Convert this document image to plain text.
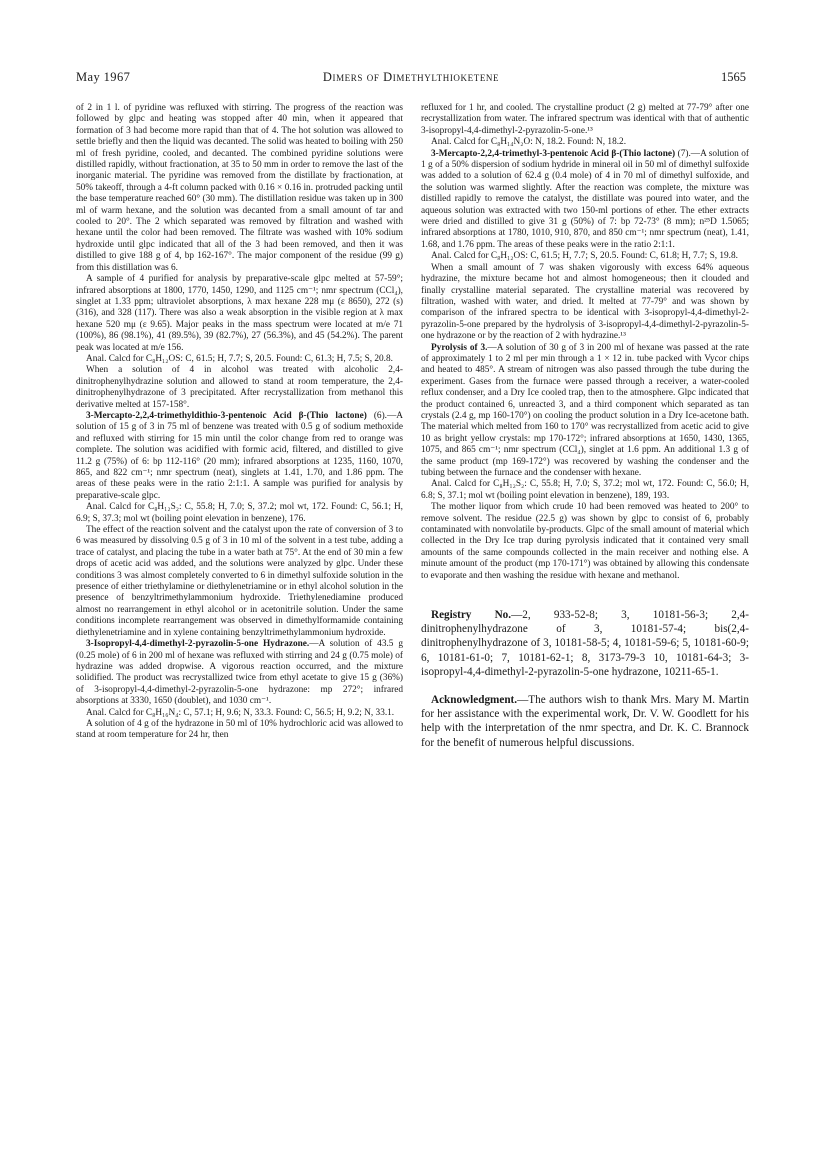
May 1967	Dimers of Dimethylthioketene	1565

of 2 in 1 l. of pyridine was refluxed with stirring. The progress of the reaction was followed by glpc and heating was stopped after 40 min, when it appeared that formation of 3 had become more rapid than that of 4. The hot solution was allowed to settle briefly and then the liquid was decanted. The solid was heated to boiling with 250 ml of fresh pyridine, cooled, and decanted. The combined pyridine solutions were distilled rapidly, without fractionation, at 35 to 50 mm in order to remove the last of the inorganic material. The pyridine was removed from the distillate by fractionation, at 50% takeoff, through a 4-ft column packed with 0.16 × 0.16 in. protruded packing until the base temperature reached 60° (30 mm). The distillation residue was taken up in 300 ml of warm hexane, and the solution was decanted from a small amount of tar and cooled to 20°. The 2 which separated was removed by filtration and washed with hexane until the color had been removed. The filtrate was washed with 10% sodium hydroxide until glpc indicated that all of the 3 had been removed, and then it was distilled to give 188 g of 4, bp 162-167°. The major component of the residue (99 g) from this distillation was 6.

A sample of 4 purified for analysis by preparative-scale glpc melted at 57-59°; infrared absorptions at 1800, 1770, 1450, 1290, and 1125 cm⁻¹; nmr spectrum (CCl₄), singlet at 1.33 ppm; ultraviolet absorptions, λ max hexane 228 mμ (ε 8650), 272 (s) (316), and 328 (117). There was also a weak absorption in the visible region at λ max hexane 520 mμ (ε 9.65). Major peaks in the mass spectrum were located at m/e 71 (100%), 86 (98.1%), 41 (89.5%), 39 (82.7%), 27 (56.3%), and 45 (54.2%). The parent peak was located at m/e 156.

Anal. Calcd for C₈H₁₂OS: C, 61.5; H, 7.7; S, 20.5. Found: C, 61.3; H, 7.5; S, 20.8.

When a solution of 4 in alcohol was treated with alcoholic 2,4-dinitrophenylhydrazine solution and allowed to stand at room temperature, the 2,4-dinitrophenylhydrazone of 3 precipitated. After recrystallization from methanol this derivative melted at 157-158°.

3-Mercapto-2,2,4-trimethyldithio-3-pentenoic Acid β-(Thio lactone) (6).—A solution of 15 g of 3 in 75 ml of benzene was treated with 0.5 g of sodium methoxide and refluxed with stirring for 15 min until the color change from red to orange was complete. The solution was acidified with formic acid, filtered, and distilled to give 11.2 g (75%) of 6: bp 112-116° (20 mm); infrared absorptions at 1235, 1160, 1070, 865, and 822 cm⁻¹; nmr spectrum (neat), singlets at 1.41, 1.70, and 1.86 ppm. The areas of these peaks were in the ratio 2:1:1. A sample was purified for analysis by preparative-scale glpc.

Anal. Calcd for C₈H₁₂S₂: C, 55.8; H, 7.0; S, 37.2; mol wt, 172. Found: C, 56.1; H, 6.9; S, 37.3; mol wt (boiling point elevation in benzene), 176.

The effect of the reaction solvent and the catalyst upon the rate of conversion of 3 to 6 was measured by dissolving 0.5 g of 3 in 10 ml of the solvent in a test tube, adding a trace of catalyst, and placing the tube in a water bath at 75°. At the end of 30 min a few drops of acetic acid was added, and the solutions were analyzed by glpc. Under these conditions 3 was almost completely converted to 6 in dimethyl sulfoxide solution in the presence of either triethylamine or diethylenetriamine or in ethyl alcohol solution in the presence of benzyltrimethylammonium hydroxide. Triethylenediamine produced almost no rearrangement in ethyl alcohol or in acetonitrile solution. Under the same conditions incomplete rearrangement was observed in dimethylformamide containing diethylenetriamine and in xylene containing benzyltrimethylammonium hydroxide.

3-Isopropyl-4,4-dimethyl-2-pyrazolin-5-one Hydrazone.—A solution of 43.5 g (0.25 mole) of 6 in 200 ml of hexane was refluxed with stirring and 24 g (0.75 mole) of hydrazine was added dropwise. A vigorous reaction occurred, and the mixture solidified. The product was recrystallized twice from ethyl acetate to give 15 g (36%) of 3-isopropyl-4,4-dimethyl-2-pyrazolin-5-one hydrazone: mp 272°; infrared absorptions at 3330, 1650 (doublet), and 1030 cm⁻¹.

Anal. Calcd for C₈H₁₆N₄: C, 57.1; H, 9.6; N, 33.3. Found: C, 56.5; H, 9.2; N, 33.1.

A solution of 4 g of the hydrazone in 50 ml of 10% hydrochloric acid was allowed to stand at room temperature for 24 hr, then

refluxed for 1 hr, and cooled. The crystalline product (2 g) melted at 77-79° after one recrystallization from water. The infrared spectrum was identical with that of authentic 3-isopropyl-4,4-dimethyl-2-pyrazolin-5-one.¹³

Anal. Calcd for C₈H₁₄N₂O: N, 18.2. Found: N, 18.2.

3-Mercapto-2,2,4-trimethyl-3-pentenoic Acid β-(Thio lactone) (7).—A solution of 1 g of a 50% dispersion of sodium hydride in mineral oil in 50 ml of dimethyl sulfoxide was added to a solution of 62.4 g (0.4 mole) of 4 in 70 ml of dimethyl sulfoxide, and the solution was warmed slightly. After the reaction was complete, the mixture was distilled rapidly to remove the catalyst, the distillate was poured into water, and the aqueous solution was extracted with two 150-ml portions of ether. The ether extracts were dried and distilled to give 31 g (50%) of 7: bp 72-73° (8 mm); n²⁵D 1.5065; infrared absorptions at 1780, 1010, 910, 870, and 850 cm⁻¹; nmr spectrum (neat), 1.41, 1.68, and 1.76 ppm. The areas of these peaks were in the ratio 2:1:1.

Anal. Calcd for C₈H₁₂OS: C, 61.5; H, 7.7; S, 20.5. Found: C, 61.8; H, 7.7; S, 19.8.

When a small amount of 7 was shaken vigorously with excess 64% aqueous hydrazine, the mixture became hot and almost homogeneous; then it clouded and finally crystalline material separated. The crystalline material was recovered by filtration, washed with water, and dried. It melted at 77-79° and was shown by comparison of the infrared spectra to be identical with 3-isopropyl-4,4-dimethyl-2-pyrazolin-5-one prepared by the hydrolysis of 3-isopropyl-4,4-dimethyl-2-pyrazolin-5-one hydrazone or by the reaction of 2 with hydrazine.¹³

Pyrolysis of 3.—A solution of 30 g of 3 in 200 ml of hexane was passed at the rate of approximately 1 to 2 ml per min through a 1 × 12 in. tube packed with Vycor chips and heated to 485°. A stream of nitrogen was also passed through the tube during the experiment. Gases from the furnace were passed through a receiver, a water-cooled reflux condenser, and a Dry Ice cooled trap, then to the atmosphere. Glpc indicated that the product contained 6, unreacted 3, and a third component which separated as tan crystals (2.4 g, mp 160-170°) on cooling the product solution in a Dry Ice-acetone bath. The material which melted from 160 to 170° was recrystallized from acetic acid to give 10 as bright yellow crystals: mp 170-172°; infrared absorptions at 1650, 1430, 1365, 1075, and 865 cm⁻¹; nmr spectrum (CCl₄), singlet at 1.6 ppm. An additional 1.3 g of the same product (mp 169-172°) was recovered by washing the condenser and the tubing between the furnace and the condenser with hexane.

Anal. Calcd for C₈H₁₂S₂: C, 55.8; H, 7.0; S, 37.2; mol wt, 172. Found: C, 56.0; H, 6.8; S, 37.1; mol wt (boiling point elevation in benzene), 189, 193.

The mother liquor from which crude 10 had been removed was heated to 200° to remove solvent. The residue (22.5 g) was shown by glpc to consist of 6, probably contaminated with nonvolatile by-products. Glpc of the small amount of material which collected in the Dry Ice trap during pyrolysis indicated that it contained very small amounts of the same compounds collected in the main receiver and nothing else. A minute amount of the product (mp 170-171°) was obtained by allowing this condensate to evaporate and then washing the residue with hexane and methanol.

Registry No.—2, 933-52-8; 3, 10181-56-3; 2,4-dinitrophenylhydrazone of 3, 10181-57-4; bis(2,4-dinitrophenylhydrazone of 3, 10181-58-5; 4, 10181-59-6; 5, 10181-60-9; 6, 10181-61-0; 7, 10181-62-1; 8, 3173-79-3 10, 10181-64-3; 3-isopropyl-4,4-dimethyl-2-pyrazolin-5-one hydrazone, 10211-65-1.
Acknowledgment.—The authors wish to thank Mrs. Mary M. Martin for her assistance with the experimental work, Dr. V. W. Goodlett for his help with the interpretation of the nmr spectra, and Dr. K. C. Brannock for the benefit of numerous helpful discussions.
